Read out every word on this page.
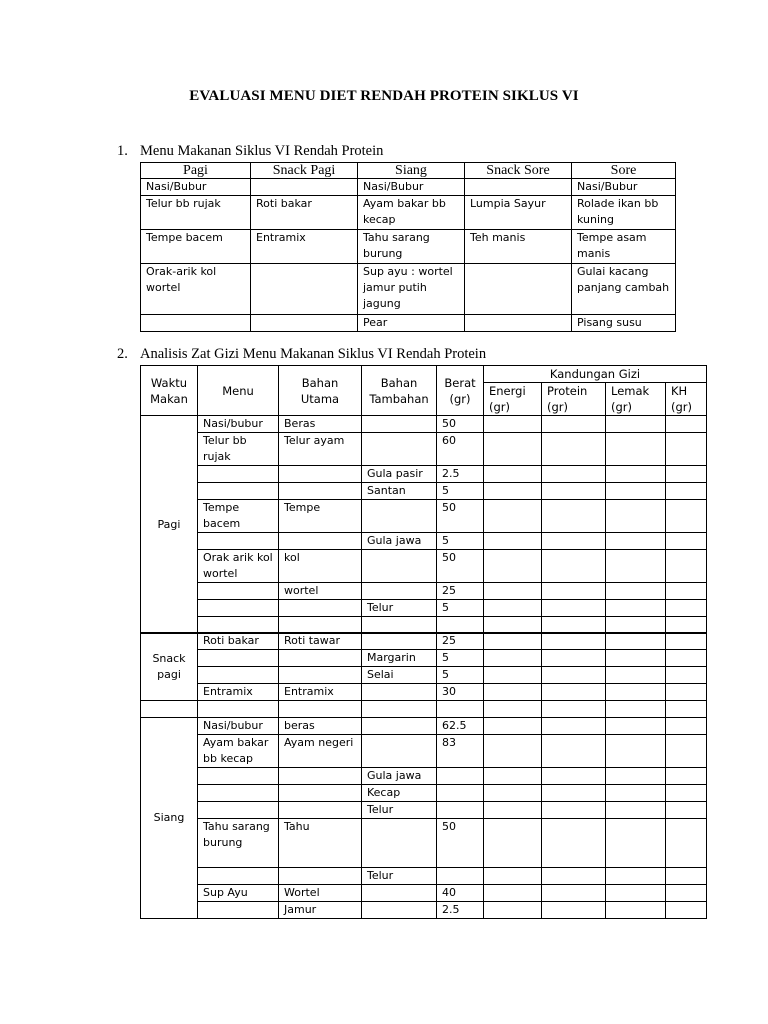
EVALUASI MENU DIET RENDAH PROTEIN SIKLUS VI
1. Menu Makanan Siklus VI Rendah Protein
Pagi	Snack Pagi	Siang	Snack Sore	Sore
Nasi/Bubur		Nasi/Bubur		Nasi/Bubur
Telur bb rujak	Roti bakar	Ayam bakar bb kecap	Lumpia Sayur	Rolade ikan bb kuning
Tempe bacem	Entramix	Tahu sarang burung	Teh manis	Tempe asam manis
Orak-arik kol wortel		Sup ayu : wortel jamur putih jagung		Gulai kacang panjang cambah
		Pear		Pisang susu
2. Analisis Zat Gizi Menu Makanan Siklus VI Rendah Protein
Waktu Makan	Menu	Bahan Utama	Bahan Tambahan	Berat (gr)	Kandungan Gizi			
					Energi (gr)	Protein (gr)	Lemak (gr)	KH (gr)
Pagi	Nasi/bubur	Beras		50				
	Telur bb rujak	Telur ayam		60				
			Gula pasir	2.5				
			Santan	5				
	Tempe bacem	Tempe		50				
			Gula jawa	5				
	Orak arik kol wortel	kol		50				
		wortel		25				
			Telur	5				

Snack pagi	Roti bakar	Roti tawar		25				
			Margarin	5				
			Selai	5				
	Entramix	Entramix		30				

Siang	Nasi/bubur	beras		62.5				
	Ayam bakar bb kecap	Ayam negeri		83				
			Gula jawa					
			Kecap					
			Telur					
	Tahu sarang burung	Tahu		50				
			Telur					
	Sup Ayu	Wortel		40				
		Jamur		2.5				
